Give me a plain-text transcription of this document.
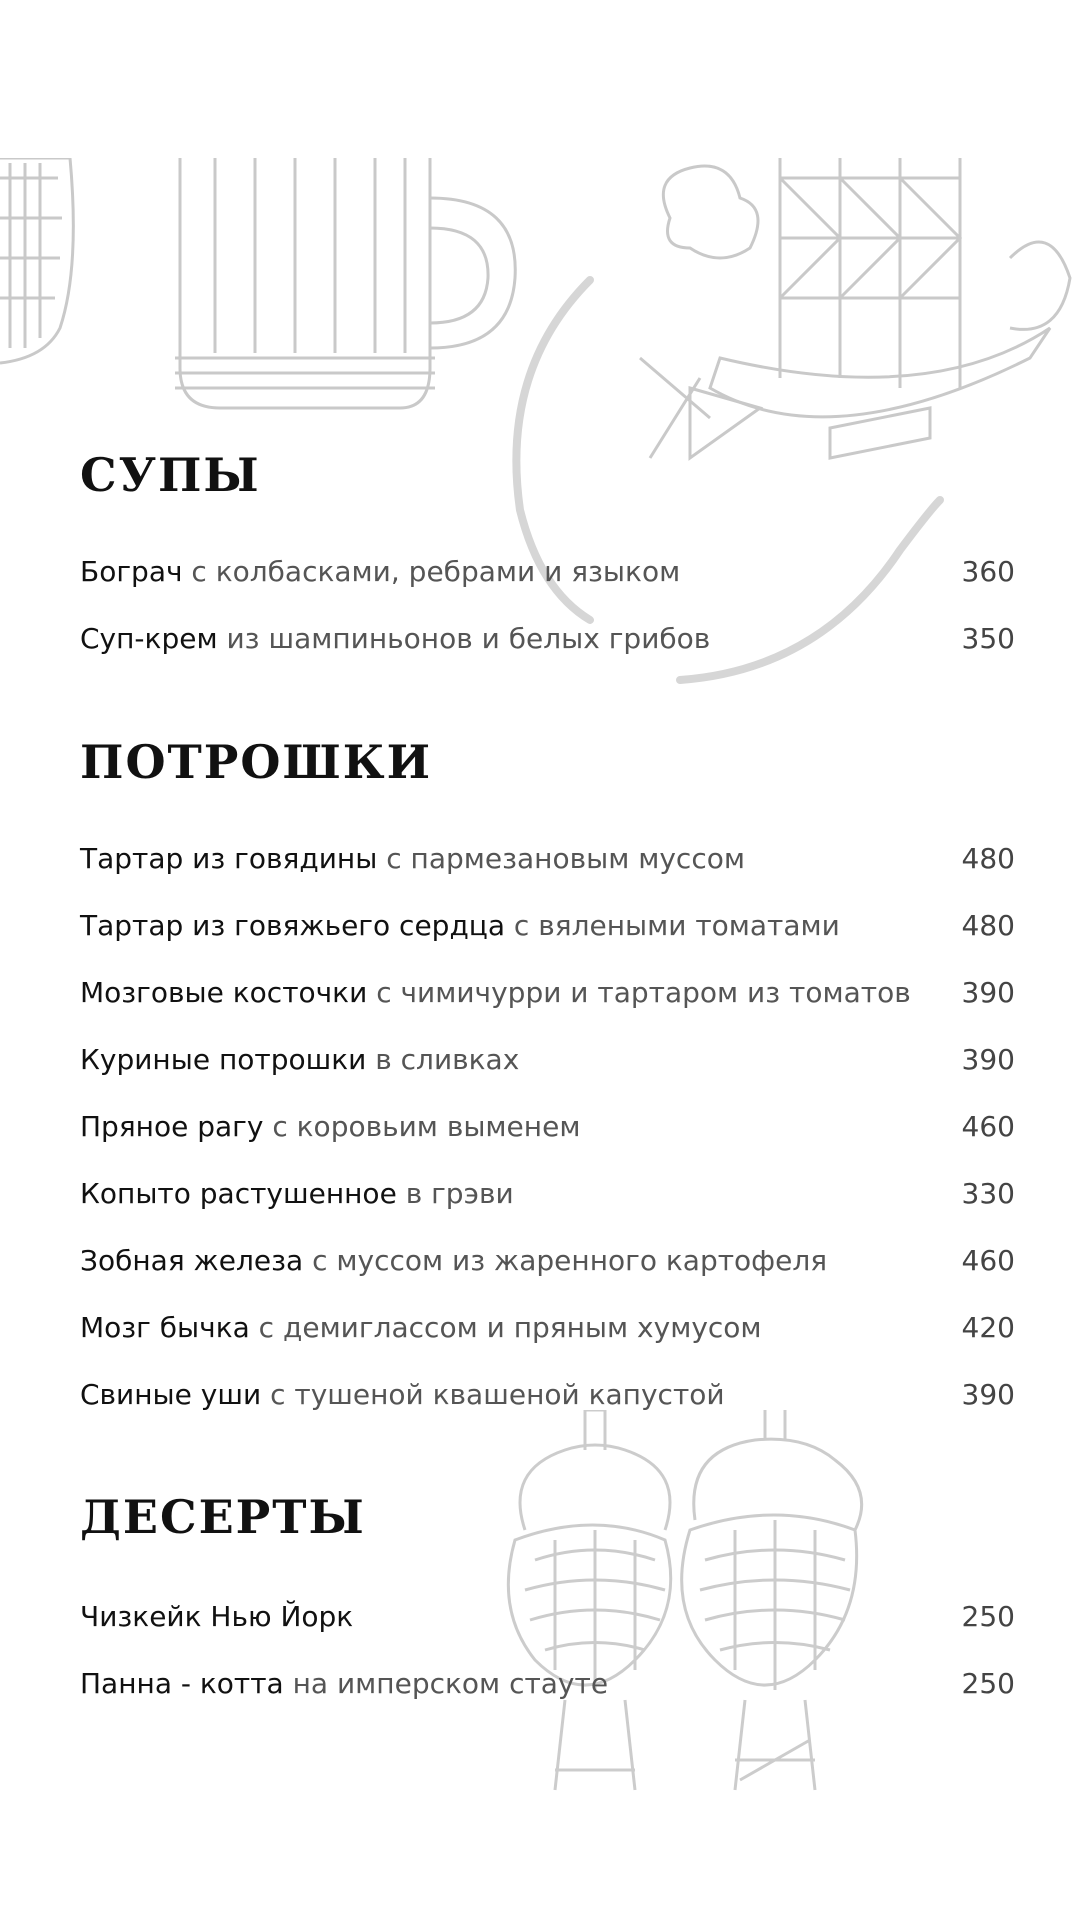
СУПЫ
Бограч с колбасками, ребрами и языком	360
Суп-крем из шампиньонов и белых грибов	350
ПОТРОШКИ
Тартар из говядины с пармезановым муссом	480
Тартар из говяжьего сердца с вялеными томатами	480
Мозговые косточки с чимичурри и тартаром из томатов 390
Куриные потрошки в сливках	390
Пряное рагу с коровьим выменем	460
Копыто растушенное в грэви	330
Зобная железа с муссом из жаренного картофеля	460
Мозг бычка с демиглассом и пряным хумусом	420
Свиные уши с тушеной квашеной капустой	390
ДЕСЕРТЫ
Чизкейк Нью Йорк	250
Панна - котта на имперском стауте	250
